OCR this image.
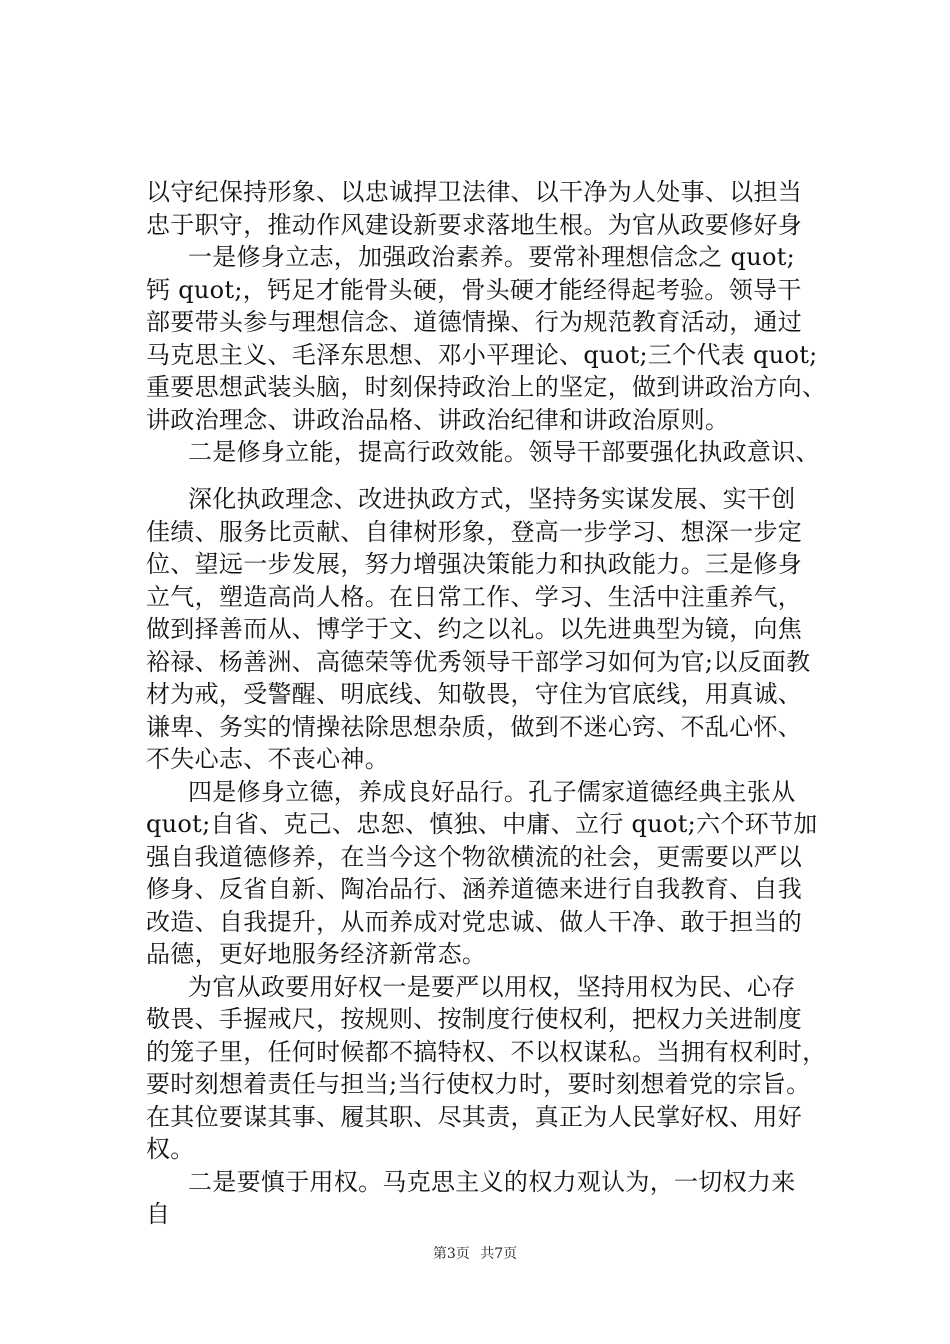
以守纪保持形象、以忠诚捍卫法律、以干净为人处事、以担当
忠于职守，推动作风建设新要求落地生根。为官从政要修好身
一是修身立志，加强政治素养。要常补理想信念之 quot;
钙 quot;，钙足才能骨头硬，骨头硬才能经得起考验。领导干
部要带头参与理想信念、道德情操、行为规范教育活动，通过
马克思主义、毛泽东思想、邓小平理论、quot;三个代表 quot;
重要思想武装头脑，时刻保持政治上的坚定，做到讲政治方向、
讲政治理念、讲政治品格、讲政治纪律和讲政治原则。
二是修身立能，提高行政效能。领导干部要强化执政意识、
深化执政理念、改进执政方式，坚持务实谋发展、实干创
佳绩、服务比贡献、自律树形象，登高一步学习、想深一步定
位、望远一步发展，努力增强决策能力和执政能力。三是修身
立气，塑造高尚人格。在日常工作、学习、生活中注重养气，
做到择善而从、博学于文、约之以礼。以先进典型为镜，向焦
裕禄、杨善洲、高德荣等优秀领导干部学习如何为官;以反面教
材为戒，受警醒、明底线、知敬畏，守住为官底线，用真诚、
谦卑、务实的情操祛除思想杂质，做到不迷心窍、不乱心怀、
不失心志、不丧心神。
四是修身立德，养成良好品行。孔子儒家道德经典主张从
quot;自省、克己、忠恕、慎独、中庸、立行 quot;六个环节加
强自我道德修养，在当今这个物欲横流的社会，更需要以严以
修身、反省自新、陶冶品行、涵养道德来进行自我教育、自我
改造、自我提升，从而养成对党忠诚、做人干净、敢于担当的
品德，更好地服务经济新常态。
为官从政要用好权一是要严以用权，坚持用权为民、心存
敬畏、手握戒尺，按规则、按制度行使权利，把权力关进制度
的笼子里，任何时候都不搞特权、不以权谋私。当拥有权利时，
要时刻想着责任与担当;当行使权力时，要时刻想着党的宗旨。
在其位要谋其事、履其职、尽其责，真正为人民掌好权、用好
权。
二是要慎于用权。马克思主义的权力观认为，一切权力来
自
第3页 共7页
